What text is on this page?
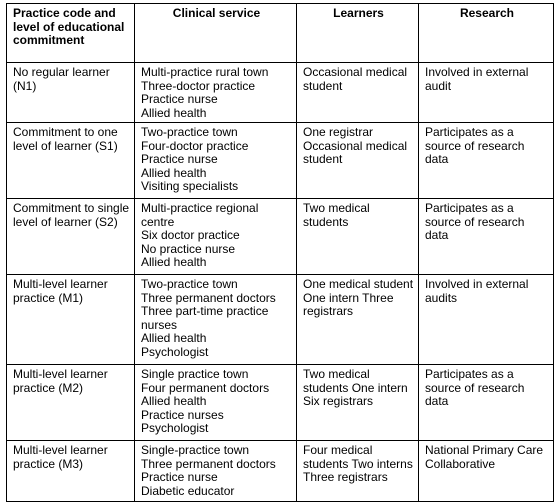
Practice code and level of educational commitment	Clinical service	Learners	Research
No regular learner (N1)	Multi-practice rural town
Three-doctor practice
Practice nurse
Allied health	Occasional medical student	Involved in external audit
Commitment to one level of learner (S1)	Two-practice town
Four-doctor practice
Practice nurse
Allied health
Visiting specialists	One registrar Occasional medical student	Participates as a source of research data
Commitment to single level of learner (S2)	Multi-practice regional centre
Six doctor practice
No practice nurse
Allied health	Two medical students	Participates as a source of research data
Multi-level learner practice (M1)	Two-practice town
Three permanent doctors
Three part-time practice nurses
Allied health
Psychologist	One medical student One intern Three registrars	Involved in external audits
Multi-level learner practice (M2)	Single practice town
Four permanent doctors
Allied health
Practice nurses
Psychologist	Two medical students One intern Six registrars	Participates as a source of research data
Multi-level learner practice (M3)	Single-practice town
Three permanent doctors
Practice nurse
Diabetic educator	Four medical students Two interns Three registrars	National Primary Care Collaborative
